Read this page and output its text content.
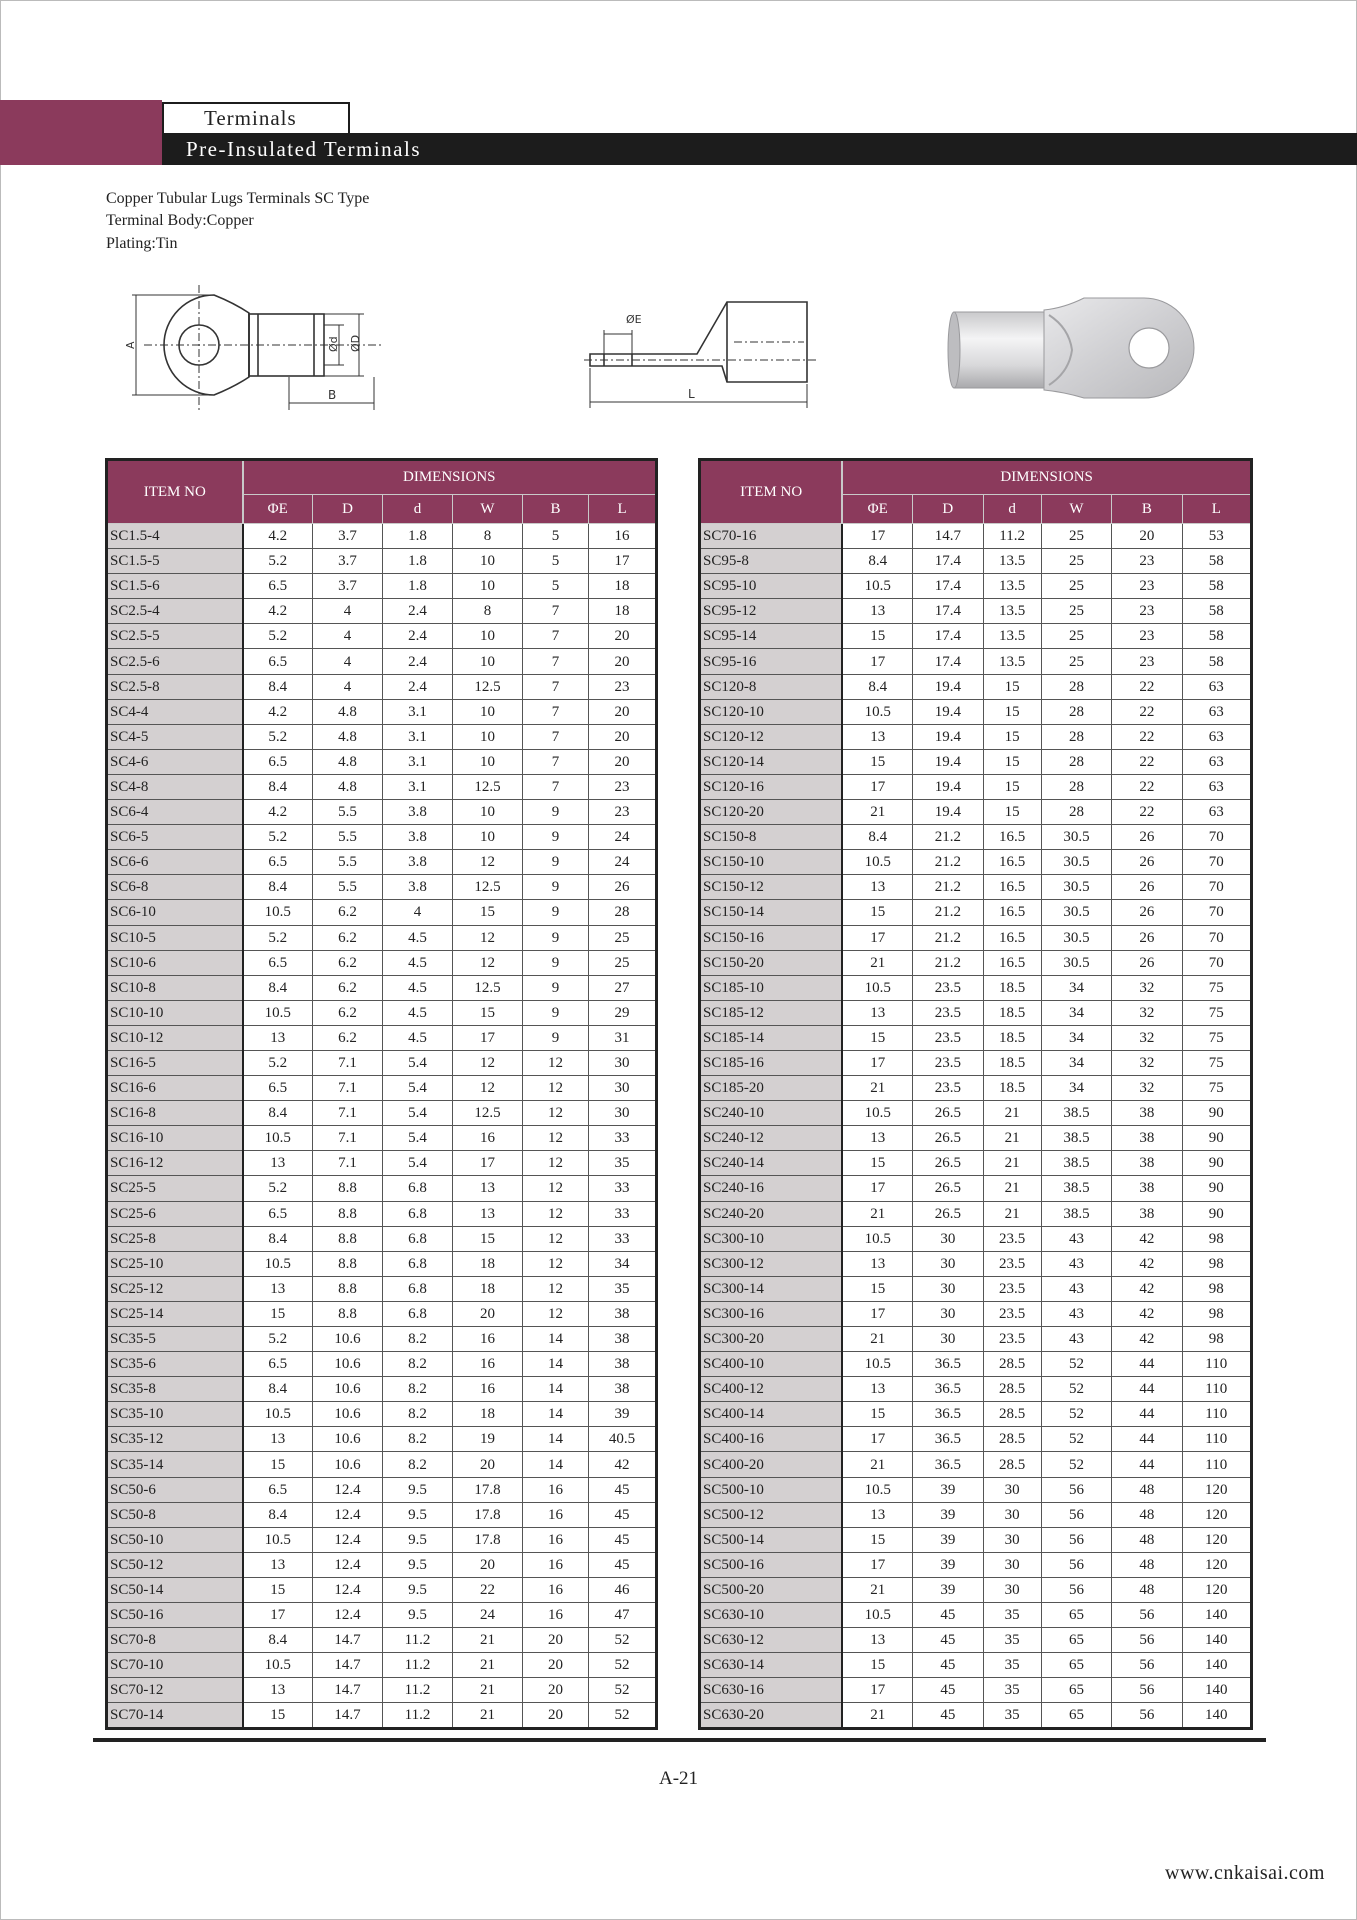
Terminals
Pre-Insulated Terminals
Copper Tubular Lugs Terminals SC Type
Terminal Body:Copper
Plating:Tin
A	Ød ØD
B
ØE
L
ITEM NO	DIMENSIONS					
	ΦE	D	d	W	B	L
SC1.5-4	4.2	3.7	1.8	8	5	16
SC1.5-5	5.2	3.7	1.8	10	5	17
SC1.5-6	6.5	3.7	1.8	10	5	18
SC2.5-4	4.2	4	2.4	8	7	18
SC2.5-5	5.2	4	2.4	10	7	20
SC2.5-6	6.5	4	2.4	10	7	20
SC2.5-8	8.4	4	2.4	12.5	7	23
SC4-4	4.2	4.8	3.1	10	7	20
SC4-5	5.2	4.8	3.1	10	7	20
SC4-6	6.5	4.8	3.1	10	7	20
SC4-8	8.4	4.8	3.1	12.5	7	23
SC6-4	4.2	5.5	3.8	10	9	23
SC6-5	5.2	5.5	3.8	10	9	24
SC6-6	6.5	5.5	3.8	12	9	24
SC6-8	8.4	5.5	3.8	12.5	9	26
SC6-10	10.5	6.2	4	15	9	28
SC10-5	5.2	6.2	4.5	12	9	25
SC10-6	6.5	6.2	4.5	12	9	25
SC10-8	8.4	6.2	4.5	12.5	9	27
SC10-10	10.5	6.2	4.5	15	9	29
SC10-12	13	6.2	4.5	17	9	31
SC16-5	5.2	7.1	5.4	12	12	30
SC16-6	6.5	7.1	5.4	12	12	30
SC16-8	8.4	7.1	5.4	12.5	12	30
SC16-10	10.5	7.1	5.4	16	12	33
SC16-12	13	7.1	5.4	17	12	35
SC25-5	5.2	8.8	6.8	13	12	33
SC25-6	6.5	8.8	6.8	13	12	33
SC25-8	8.4	8.8	6.8	15	12	33
SC25-10	10.5	8.8	6.8	18	12	34
SC25-12	13	8.8	6.8	18	12	35
SC25-14	15	8.8	6.8	20	12	38
SC35-5	5.2	10.6	8.2	16	14	38
SC35-6	6.5	10.6	8.2	16	14	38
SC35-8	8.4	10.6	8.2	16	14	38
SC35-10	10.5	10.6	8.2	18	14	39
SC35-12	13	10.6	8.2	19	14	40.5
SC35-14	15	10.6	8.2	20	14	42
SC50-6	6.5	12.4	9.5	17.8	16	45
SC50-8	8.4	12.4	9.5	17.8	16	45
SC50-10	10.5	12.4	9.5	17.8	16	45
SC50-12	13	12.4	9.5	20	16	45
SC50-14	15	12.4	9.5	22	16	46
SC50-16	17	12.4	9.5	24	16	47
SC70-8	8.4	14.7	11.2	21	20	52
SC70-10	10.5	14.7	11.2	21	20	52
SC70-12	13	14.7	11.2	21	20	52
SC70-14	15	14.7	11.2	21	20	52
ITEM NO	DIMENSIONS					
	ΦE	D	d	W	B	L
SC70-16	17	14.7	11.2	25	20	53
SC95-8	8.4	17.4	13.5	25	23	58
SC95-10	10.5	17.4	13.5	25	23	58
SC95-12	13	17.4	13.5	25	23	58
SC95-14	15	17.4	13.5	25	23	58
SC95-16	17	17.4	13.5	25	23	58
SC120-8	8.4	19.4	15	28	22	63
SC120-10	10.5	19.4	15	28	22	63
SC120-12	13	19.4	15	28	22	63
SC120-14	15	19.4	15	28	22	63
SC120-16	17	19.4	15	28	22	63
SC120-20	21	19.4	15	28	22	63
SC150-8	8.4	21.2	16.5	30.5	26	70
SC150-10	10.5	21.2	16.5	30.5	26	70
SC150-12	13	21.2	16.5	30.5	26	70
SC150-14	15	21.2	16.5	30.5	26	70
SC150-16	17	21.2	16.5	30.5	26	70
SC150-20	21	21.2	16.5	30.5	26	70
SC185-10	10.5	23.5	18.5	34	32	75
SC185-12	13	23.5	18.5	34	32	75
SC185-14	15	23.5	18.5	34	32	75
SC185-16	17	23.5	18.5	34	32	75
SC185-20	21	23.5	18.5	34	32	75
SC240-10	10.5	26.5	21	38.5	38	90
SC240-12	13	26.5	21	38.5	38	90
SC240-14	15	26.5	21	38.5	38	90
SC240-16	17	26.5	21	38.5	38	90
SC240-20	21	26.5	21	38.5	38	90
SC300-10	10.5	30	23.5	43	42	98
SC300-12	13	30	23.5	43	42	98
SC300-14	15	30	23.5	43	42	98
SC300-16	17	30	23.5	43	42	98
SC300-20	21	30	23.5	43	42	98
SC400-10	10.5	36.5	28.5	52	44	110
SC400-12	13	36.5	28.5	52	44	110
SC400-14	15	36.5	28.5	52	44	110
SC400-16	17	36.5	28.5	52	44	110
SC400-20	21	36.5	28.5	52	44	110
SC500-10	10.5	39	30	56	48	120
SC500-12	13	39	30	56	48	120
SC500-14	15	39	30	56	48	120
SC500-16	17	39	30	56	48	120
SC500-20	21	39	30	56	48	120
SC630-10	10.5	45	35	65	56	140
SC630-12	13	45	35	65	56	140
SC630-14	15	45	35	65	56	140
SC630-16	17	45	35	65	56	140
SC630-20	21	45	35	65	56	140
A-21
www.cnkaisai.com
